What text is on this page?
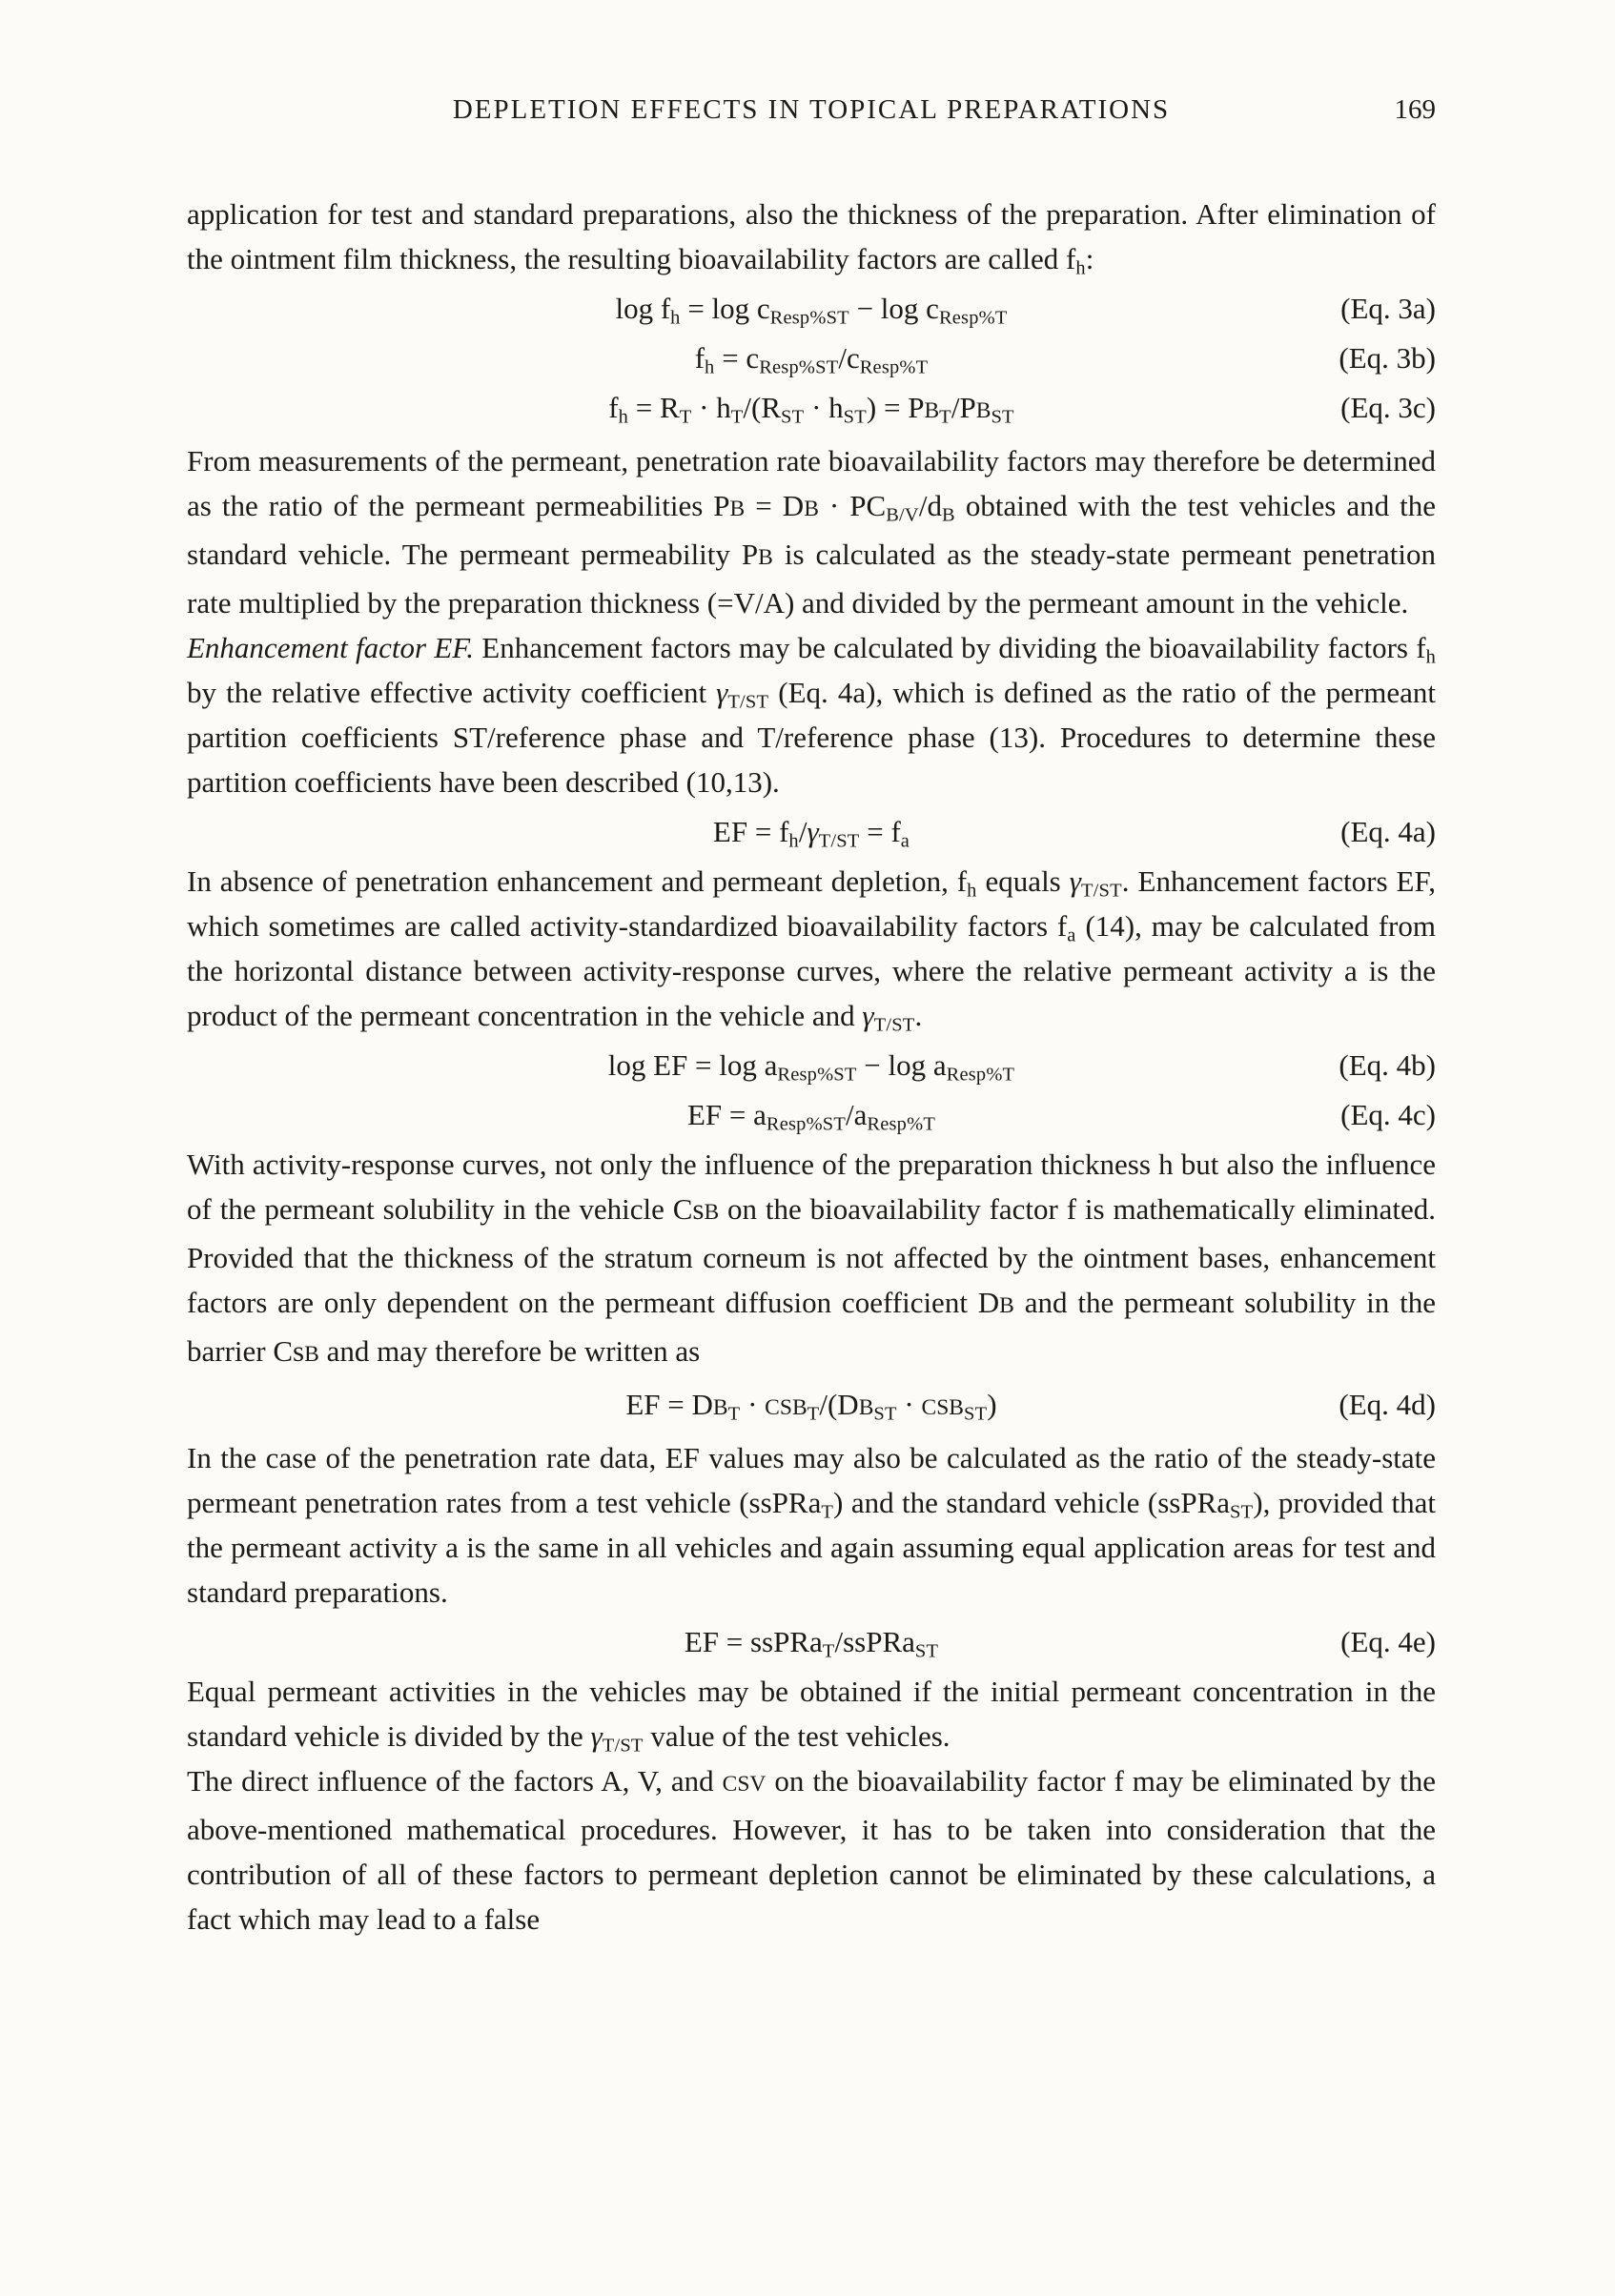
DEPLETION EFFECTS IN TOPICAL PREPARATIONS	169

application for test and standard preparations, also the thickness of the preparation. After elimination of the ointment film thickness, the resulting bioavailability factors are called $f_h$:

$\log f_h = \log c_{Resp\%ST} - \log c_{Resp\%T}$	(Eq. 3a)
$f_h = c_{Resp\%ST}/c_{Resp\%T}$	(Eq. 3b)
$f_h = R_T \cdot h_T/(R_{ST} \cdot h_{ST}) = PB_T/PB_{ST}$	(Eq. 3c)

From measurements of the permeant, penetration rate bioavailability factors may therefore be determined as the ratio of the permeant permeabilities PB = DB · $PC_{B/V}/d_B$ obtained with the test vehicles and the standard vehicle. The permeant permeability PB is calculated as the steady-state permeant penetration rate multiplied by the preparation thickness (=V/A) and divided by the permeant amount in the vehicle.

Enhancement factor EF. Enhancement factors may be calculated by dividing the bioavailability factors $f_h$ by the relative effective activity coefficient $\gamma_{T/ST}$ (Eq. 4a), which is defined as the ratio of the permeant partition coefficients ST/reference phase and T/reference phase (13). Procedures to determine these partition coefficients have been described (10,13).

EF = $f_h/\gamma_{T/ST} = f_a$	(Eq. 4a)

In absence of penetration enhancement and permeant depletion, $f_h$ equals $\gamma_{T/ST}$. Enhancement factors EF, which sometimes are called activity-standardized bioavailability factors $f_a$ (14), may be calculated from the horizontal distance between activity-response curves, where the relative permeant activity a is the product of the permeant concentration in the vehicle and $\gamma_{T/ST}$.

log EF = $\log a_{Resp\%ST} - \log a_{Resp\%T}$	(Eq. 4b)
EF = $a_{Resp\%ST}/a_{Resp\%T}$	(Eq. 4c)

With activity-response curves, not only the influence of the preparation thickness h but also the influence of the permeant solubility in the vehicle CsB on the bioavailability factor f is mathematically eliminated. Provided that the thickness of the stratum corneum is not affected by the ointment bases, enhancement factors are only dependent on the permeant diffusion coefficient DB and the permeant solubility in the barrier CsB and may therefore be written as

EF = $DB_T \cdot CSB_T/(DB_{ST} \cdot CSB_{ST})$	(Eq. 4d)

In the case of the penetration rate data, EF values may also be calculated as the ratio of the steady-state permeant penetration rates from a test vehicle (ssPRa$_T$) and the standard vehicle (ssPRa$_{ST}$), provided that the permeant activity a is the same in all vehicles and again assuming equal application areas for test and standard preparations.

EF = ssPRa$_T$/ssPRa$_{ST}$	(Eq. 4e)

Equal permeant activities in the vehicles may be obtained if the initial permeant concentration in the standard vehicle is divided by the $\gamma_{T/ST}$ value of the test vehicles.

The direct influence of the factors A, V, and CSV on the bioavailability factor f may be eliminated by the above-mentioned mathematical procedures. However, it has to be taken into consideration that the contribution of all of these factors to permeant depletion cannot be eliminated by these calculations, a fact which may lead to a false
